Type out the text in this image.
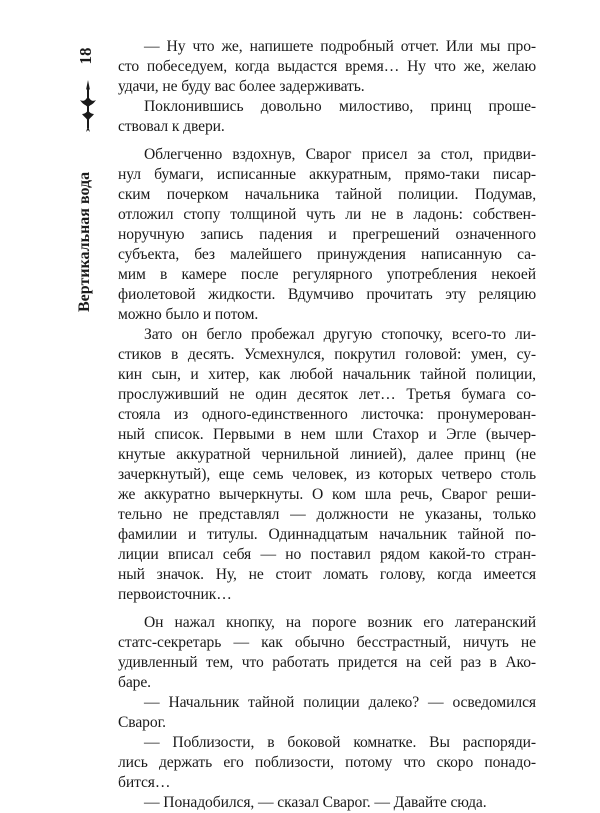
18
Вертикальная вода
— Ну что же, напишете подробный отчет. Или мы про-
сто побеседуем, когда выдастся время… Ну что же, желаю
удачи, не буду вас более задерживать.
Поклонившись довольно милостиво, принц проше-
ствовал к двери.
Облегченно вздохнув, Сварог присел за стол, придви-
нул бумаги, исписанные аккуратным, прямо-таки писар-
ским почерком начальника тайной полиции. Подумав,
отложил стопу толщиной чуть ли не в ладонь: собствен-
норучную запись падения и прегрешений означенного
субъекта, без малейшего принуждения написанную са-
мим в камере после регулярного употребления некоей
фиолетовой жидкости. Вдумчиво прочитать эту реляцию
можно было и потом.
Зато он бегло пробежал другую стопочку, всего-то ли-
стиков в десять. Усмехнулся, покрутил головой: умен, су-
кин сын, и хитер, как любой начальник тайной полиции,
прослуживший не один десяток лет… Третья бумага со-
стояла из одного-единственного листочка: пронумерован-
ный список. Первыми в нем шли Стахор и Эгле (вычер-
кнутые аккуратной чернильной линией), далее принц (не
зачеркнутый), еще семь человек, из которых четверо столь
же аккуратно вычеркнуты. О ком шла речь, Сварог реши-
тельно не представлял — должности не указаны, только
фамилии и титулы. Одиннадцатым начальник тайной по-
лиции вписал себя — но поставил рядом какой-то стран-
ный значок. Ну, не стоит ломать голову, когда имеется
первоисточник…
Он нажал кнопку, на пороге возник его латеранский
статс-секретарь — как обычно бесстрастный, ничуть не
удивленный тем, что работать придется на сей раз в Ако-
баре.
— Начальник тайной полиции далеко? — осведомился
Сварог.
— Поблизости, в боковой комнатке. Вы распоряди-
лись держать его поблизости, потому что скоро понадо-
бится…
— Понадобился, — сказал Сварог. — Давайте сюда.
